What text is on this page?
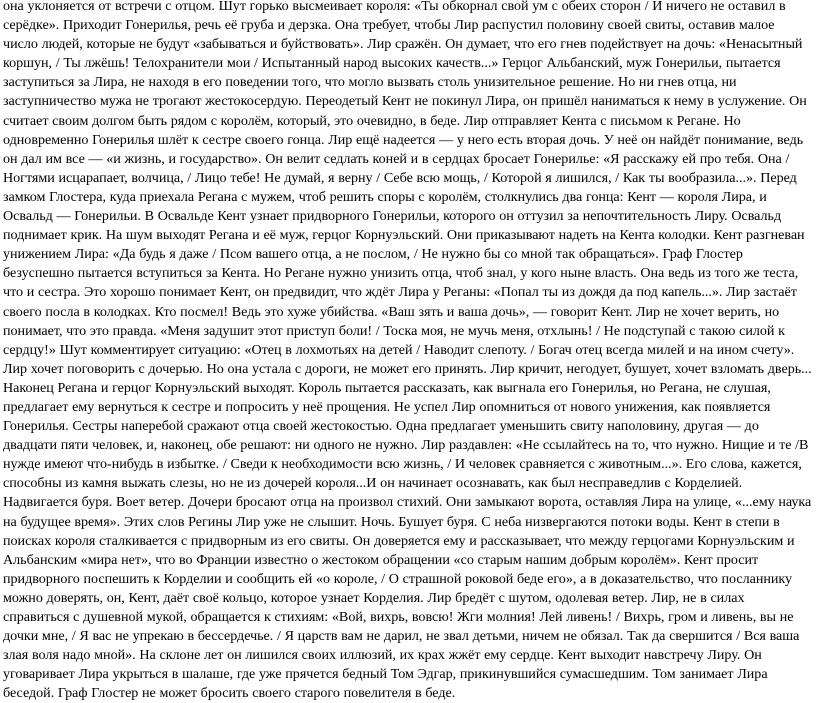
она уклоняется от встречи с отцом. Шут горько высмеивает короля: «Ты обкорнал свой ум с обеих сторон / И ничего не оставил в серёдке». Приходит Гонерилья, речь её груба и дерзка. Она требует, чтобы Лир распустил половину своей свиты, оставив малое число людей, которые не будут «забываться и буйствовать». Лир сражён. Он думает, что его гнев подействует на дочь: «Ненасытный коршун, / Ты лжёшь! Телохранители мои / Испытанный народ высоких качеств...» Герцог Альбанский, муж Гонерильи, пытается заступиться за Лира, не находя в его поведении того, что могло вызвать столь унизительное решение. Но ни гнев отца, ни заступничество мужа не трогают жестокосердую. Переодетый Кент не покинул Лира, он пришёл наниматься к нему в услужение. Он считает своим долгом быть рядом с королём, который, это очевидно, в беде. Лир отправляет Кента с письмом к Регане. Но одновременно Гонерилья шлёт к сестре своего гонца. Лир ещё надеется — у него есть вторая дочь. У неё он найдёт понимание, ведь он дал им все — «и жизнь, и государство». Он велит седлать коней и в сердцах бросает Гонерилье: «Я расскажу ей про тебя. Она / Ногтями исцарапает, волчица, / Лицо тебе! Не думай, я верну / Себе всю мощь, / Которой я лишился, / Как ты вообразила...». Перед замком Глостера, куда приехала Регана с мужем, чтоб решить споры с королём, столкнулись два гонца: Кент — короля Лира, и Освальд — Гонерильи. В Освальде Кент узнает придворного Гонерильи, которого он оттузил за непочтительность Лиру. Освальд поднимает крик. На шум выходят Регана и её муж, герцог Корнуэльский. Они приказывают надеть на Кента колодки. Кент разгневан унижением Лира: «Да будь я даже / Псом вашего отца, а не послом, / Не нужно бы со мной так обращаться». Граф Глостер безуспешно пытается вступиться за Кента. Но Регане нужно унизить отца, чтоб знал, у кого ныне власть. Она ведь из того же теста, что и сестра. Это хорошо понимает Кент, он предвидит, что ждёт Лира у Реганы: «Попал ты из дождя да под капель...». Лир застаёт своего посла в колодках. Кто посмел! Ведь это хуже убийства. «Ваш зять и ваша дочь», — говорит Кент. Лир не хочет верить, но понимает, что это правда. «Меня задушит этот приступ боли! / Тоска моя, не мучь меня, отхлынь! / Не подступай с такою силой к сердцу!» Шут комментирует ситуацию: «Отец в лохмотьях на детей / Наводит слепоту. / Богач отец всегда милей и на ином счету». Лир хочет поговорить с дочерью. Но она устала с дороги, не может его принять. Лир кричит, негодует, бушует, хочет взломать дверь... Наконец Регана и герцог Корнуэльский выходят. Король пытается рассказать, как выгнала его Гонерилья, но Регана, не слушая, предлагает ему вернуться к сестре и попросить у неё прощения. Не успел Лир опомниться от нового унижения, как появляется Гонерилья. Сестры наперебой сражают отца своей жестокостью. Одна предлагает уменьшить свиту наполовину, другая — до двадцати пяти человек, и, наконец, обе решают: ни одного не нужно. Лир раздавлен: «Не ссылайтесь на то, что нужно. Нищие и те /В нужде имеют что-нибудь в избытке. / Сведи к необходимости всю жизнь, / И человек сравняется с животным...». Его слова, кажется, способны из камня выжать слезы, но не из дочерей короля...И он начинает осознавать, как был несправедлив с Корделией. Надвигается буря. Воет ветер. Дочери бросают отца на произвол стихий. Они замыкают ворота, оставляя Лира на улице, «...ему наука на будущее время». Этих слов Регины Лир уже не слышит. Ночь. Бушует буря. С неба низвергаются потоки воды. Кент в степи в поисках короля сталкивается с придворным из его свиты. Он доверяется ему и рассказывает, что между герцогами Корнуэльским и Альбанским «мира нет», что во Франции известно о жестоком обращении «со старым нашим добрым королём». Кент просит придворного поспешить к Корделии и сообщить ей «о короле, / О страшной роковой беде его», а в доказательство, что посланнику можно доверять, он, Кент, даёт своё кольцо, которое узнает Корделия. Лир бредёт с шутом, одолевая ветер. Лир, не в силах справиться с душевной мукой, обращается к стихиям: «Вой, вихрь, вовсю! Жги молния! Лей ливень! / Вихрь, гром и ливень, вы не дочки мне, / Я вас не упрекаю в бессердечье. / Я царств вам не дарил, не звал детьми, ничем не обязал. Так да свершится / Вся ваша злая воля надо мной». На склоне лет он лишился своих иллюзий, их крах жжёт ему сердце. Кент выходит навстречу Лиру. Он уговаривает Лира укрыться в шалаше, где уже прячется бедный Том Эдгар, прикинувшийся сумасшедшим. Том занимает Лира беседой. Граф Глостер не может бросить своего старого повелителя в беде.
